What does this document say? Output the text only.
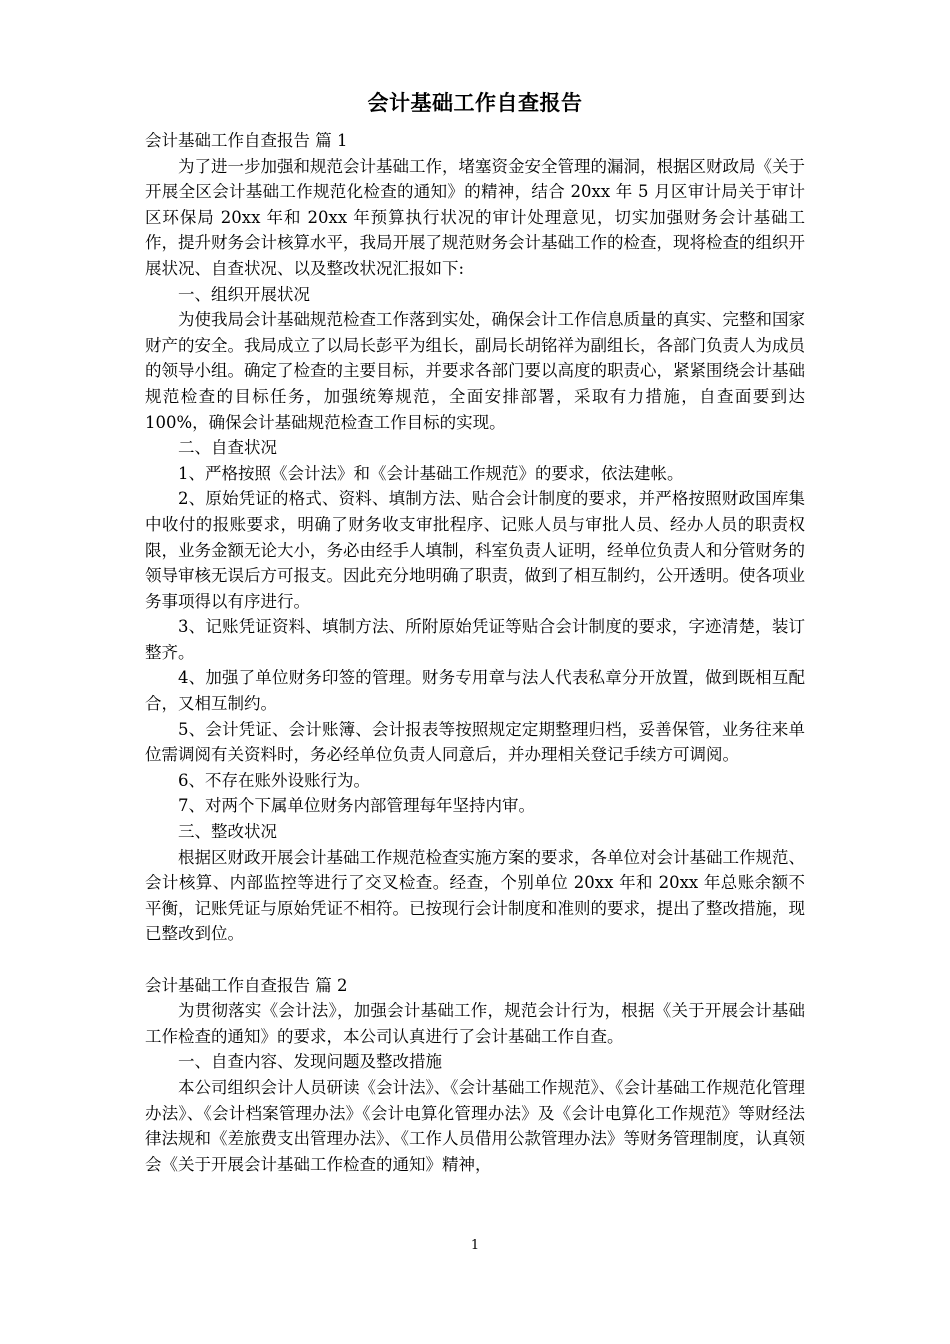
会计基础工作自查报告
会计基础工作自查报告 篇 1

为了进一步加强和规范会计基础工作，堵塞资金安全管理的漏洞，根据区财政局《关于开展全区会计基础工作规范化检查的通知》的精神，结合 20xx 年 5 月区审计局关于审计区环保局 20xx 年和 20xx 年预算执行状况的审计处理意见，切实加强财务会计基础工作，提升财务会计核算水平，我局开展了规范财务会计基础工作的检查，现将检查的组织开展状况、自查状况、以及整改状况汇报如下:

一、组织开展状况

为使我局会计基础规范检查工作落到实处，确保会计工作信息质量的真实、完整和国家财产的安全。我局成立了以局长彭平为组长，副局长胡铭祥为副组长，各部门负责人为成员的领导小组。确定了检查的主要目标，并要求各部门要以高度的职责心，紧紧围绕会计基础规范检查的目标任务，加强统筹规范，全面安排部署，采取有力措施，自查面要到达 100%，确保会计基础规范检查工作目标的实现。

二、自查状况

1、严格按照《会计法》和《会计基础工作规范》的要求，依法建帐。

2、原始凭证的格式、资料、填制方法、贴合会计制度的要求，并严格按照财政国库集中收付的报账要求，明确了财务收支审批程序、记账人员与审批人员、经办人员的职责权限，业务金额无论大小，务必由经手人填制，科室负责人证明，经单位负责人和分管财务的领导审核无误后方可报支。因此充分地明确了职责，做到了相互制约，公开透明。使各项业务事项得以有序进行。

3、记账凭证资料、填制方法、所附原始凭证等贴合会计制度的要求，字迹清楚，装订整齐。

4、加强了单位财务印签的管理。财务专用章与法人代表私章分开放置，做到既相互配合，又相互制约。

5、会计凭证、会计账簿、会计报表等按照规定定期整理归档，妥善保管，业务往来单位需调阅有关资料时，务必经单位负责人同意后，并办理相关登记手续方可调阅。

6、不存在账外设账行为。

7、对两个下属单位财务内部管理每年坚持内审。

三、整改状况

根据区财政开展会计基础工作规范检查实施方案的要求，各单位对会计基础工作规范、会计核算、内部监控等进行了交叉检查。经查，个别单位 20xx 年和 20xx 年总账余额不平衡，记账凭证与原始凭证不相符。已按现行会计制度和准则的要求，提出了整改措施，现已整改到位。

会计基础工作自查报告 篇 2

为贯彻落实《会计法》，加强会计基础工作，规范会计行为，根据《关于开展会计基础工作检查的通知》的要求，本公司认真进行了会计基础工作自查。

一、自查内容、发现问题及整改措施

本公司组织会计人员研读《会计法》、《会计基础工作规范》、《会计基础工作规范化管理办法》、《会计档案管理办法》《会计电算化管理办法》及《会计电算化工作规范》等财经法律法规和《差旅费支出管理办法》、《工作人员借用公款管理办法》等财务管理制度，认真领会《关于开展会计基础工作检查的通知》精神，

1
